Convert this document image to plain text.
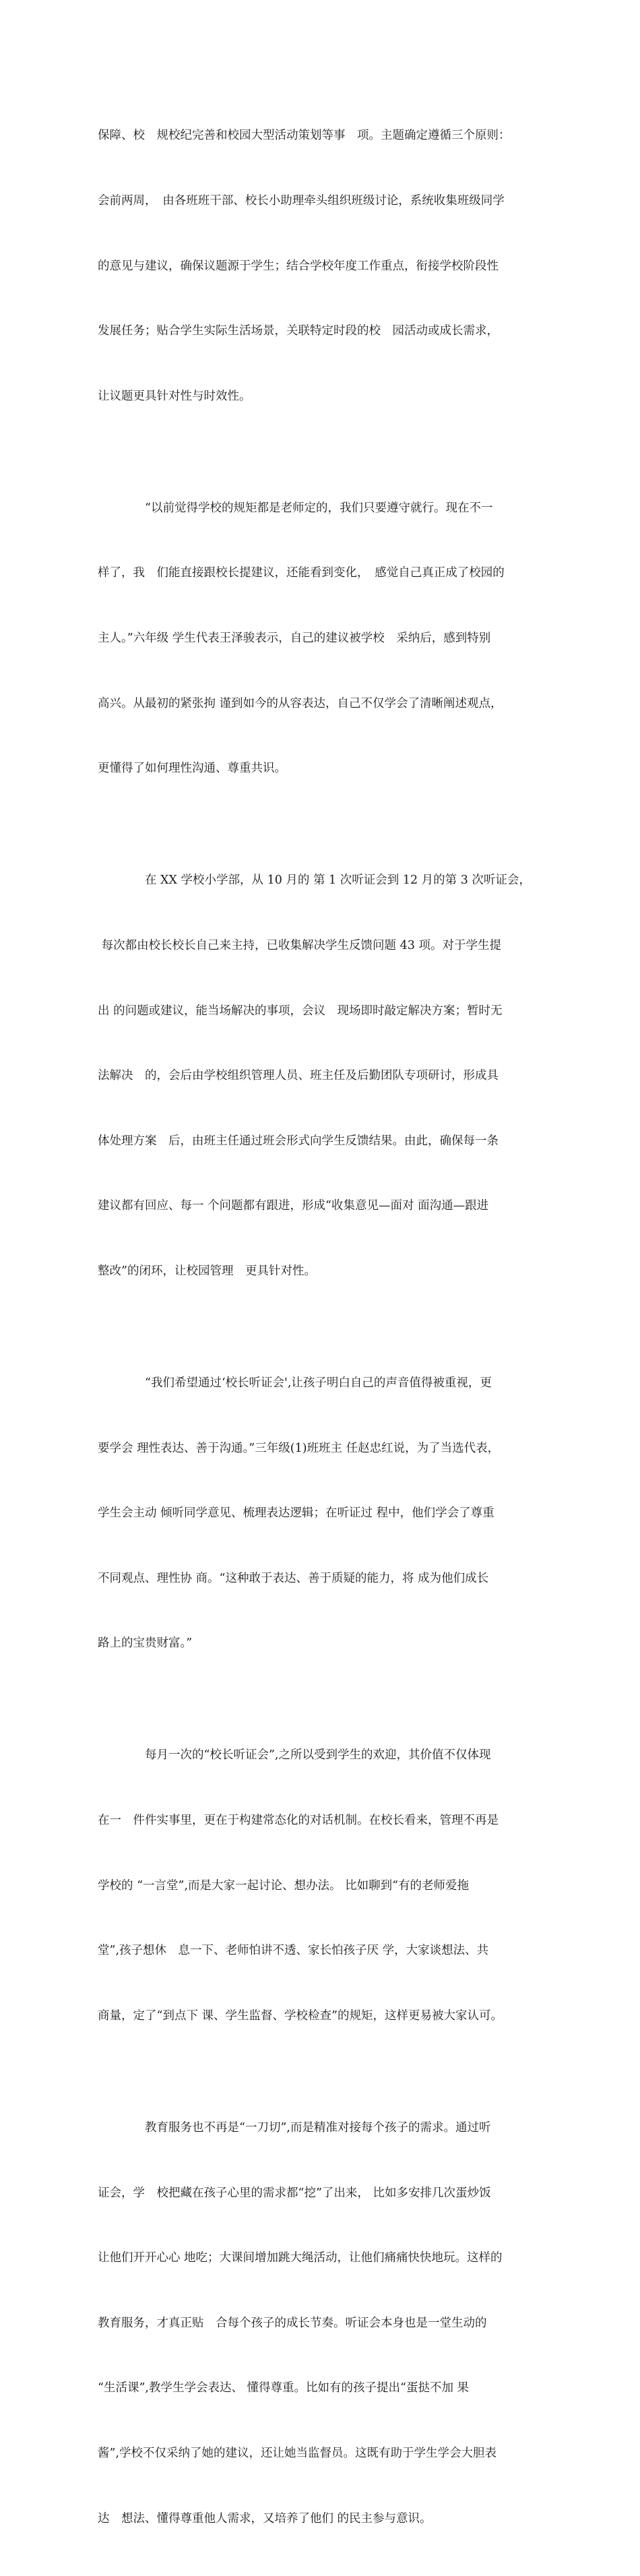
保障、校　规校纪完善和校园大型活动策划等事　项。主题确定遵循三个原则：

会前两周，　由各班班干部、校长小助理牵头组织班级讨论，系统收集班级同学

的意见与建议，确保议题源于学生；结合学校年度工作重点，衔接学校阶段性

发展任务；贴合学生实际生活场景，关联特定时段的校　园活动或成长需求，

让议题更具针对性与时效性。

　　　　“以前觉得学校的规矩都是老师定的，我们只要遵守就行。现在不一

样了，我　们能直接跟校长提建议，还能看到变化，　感觉自己真正成了校园的

主人。”六年级 学生代表王泽骏表示，自己的建议被学校　采纳后，感到特别

高兴。从最初的紧张拘 谨到如今的从容表达，自己不仅学会了清晰阐述观点，

更懂得了如何理性沟通、尊重共识。

　　　　在 XX 学校小学部，从 10 月的 第 1 次听证会到 12 月的第 3 次听证会，

每次都由校长校长自己来主持，已收集解决学生反馈问题 43 项。对于学生提

出 的问题或建议，能当场解决的事项，会议　现场即时敲定解决方案；暂时无

法解决　的，会后由学校组织管理人员、班主任及后勤团队专项研讨，形成具

体处理方案　后，由班主任通过班会形式向学生反馈结果。由此，确保每一条

建议都有回应、每一 个问题都有跟进，形成“收集意见—面对 面沟通—跟进

整改”的闭环，让校园管理　更具针对性。

　　　　“我们希望通过‘校长听证会',让孩子明白自己的声音值得被重视，更

要学会 理性表达、善于沟通。”三年级(1)班班主 任赵忠红说，为了当选代表，

学生会主动 倾听同学意见、梳理表达逻辑；在听证过 程中，他们学会了尊重

不同观点、理性协 商。“这种敢于表达、善于质疑的能力，将 成为他们成长

路上的宝贵财富。”

　　　　每月一次的“校长听证会”,之所以受到学生的欢迎，其价值不仅体现

在一　件件实事里，更在于构建常态化的对话机制。在校长看来，管理不再是

学校的 “一言堂”,而是大家一起讨论、想办法。 比如聊到“有的老师爱拖

堂”,孩子想休　息一下、老师怕讲不透、家长怕孩子厌 学，大家谈想法、共

商量，定了“到点下 课、学生监督、学校检查”的规矩，这样更易被大家认可。

　　　　教育服务也不再是“一刀切”,而是精准对接每个孩子的需求。通过听

证会，学　校把藏在孩子心里的需求都“挖”了出来， 比如多安排几次蛋炒饭

让他们开开心心 地吃；大课间增加跳大绳活动，让他们痛痛快快地玩。这样的

教育服务，才真正贴　合每个孩子的成长节奏。听证会本身也是一堂生动的

“生活课”,教学生学会表达、 懂得尊重。比如有的孩子提出“蛋挞不加 果

酱”,学校不仅采纳了她的建议，还让她当监督员。这既有助于学生学会大胆表

达　想法、懂得尊重他人需求，又培养了他们 的民主参与意识。
